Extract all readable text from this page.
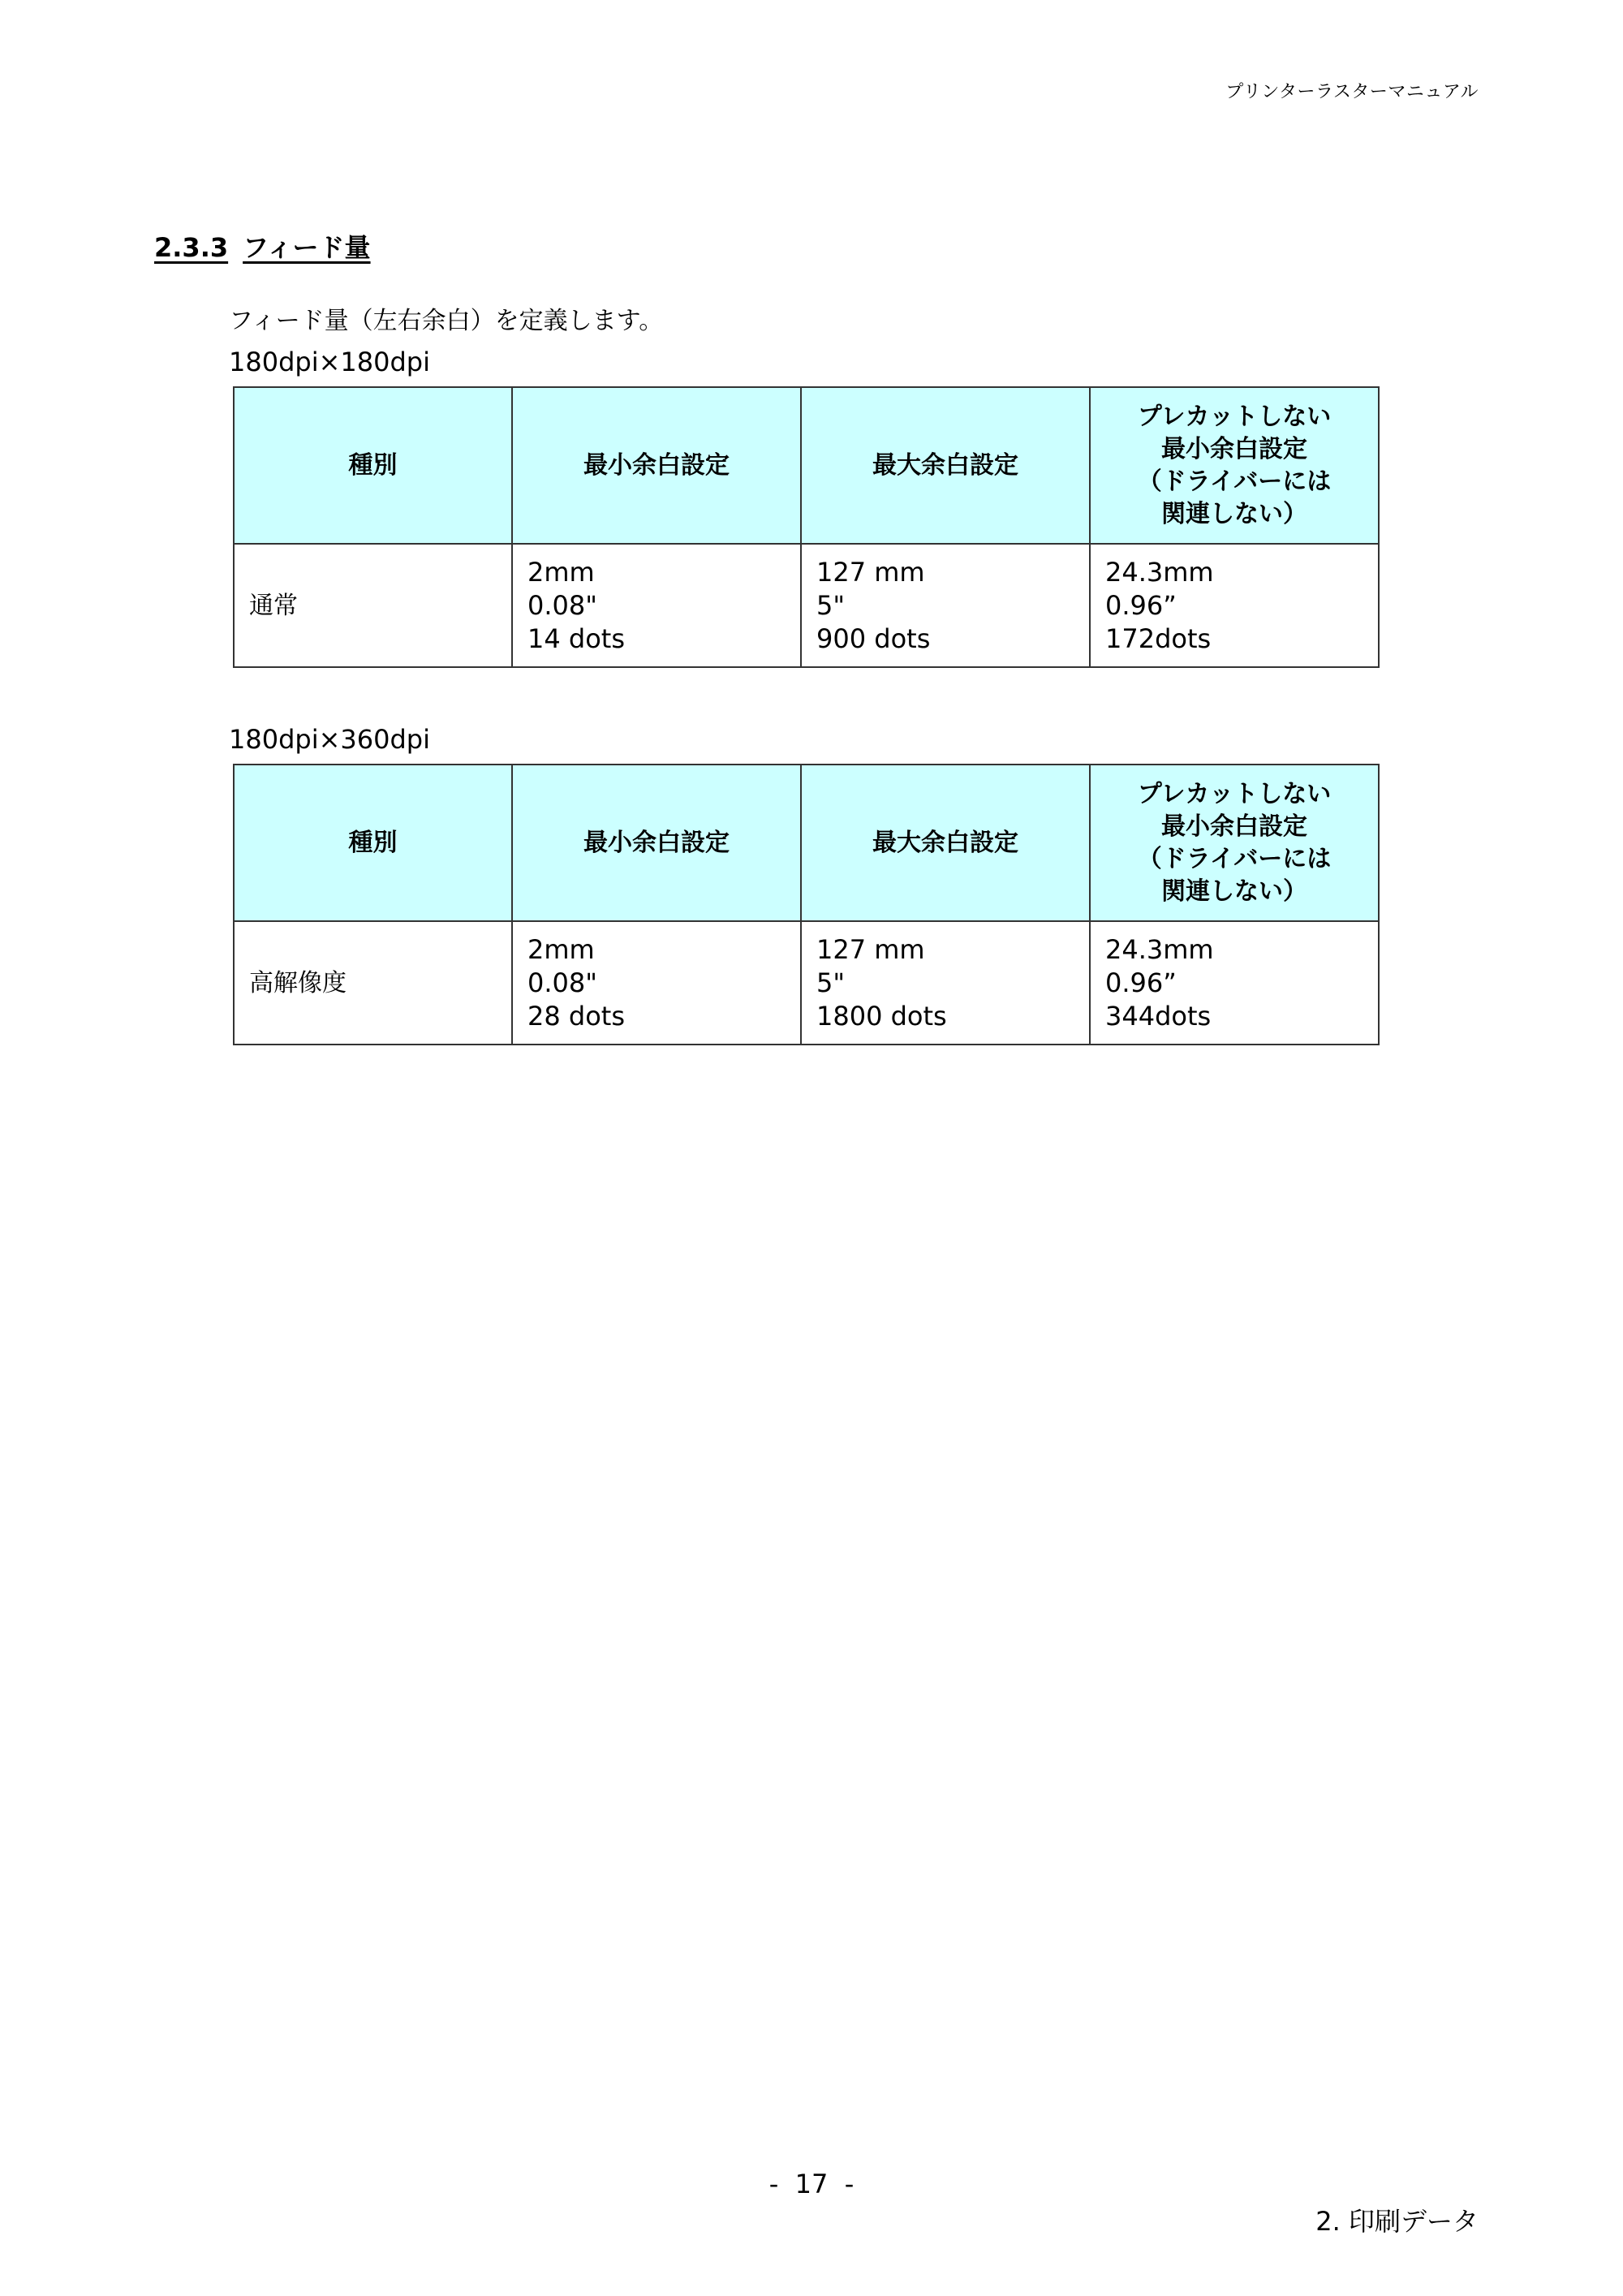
プリンターラスターマニュアル
2.3.3 フィード量
フィード量（左右余白）を定義します。
180dpi×180dpi
種別	最小余白設定	最大余白設定	プレカットしない
最小余白設定
（ドライバーには
関連しない）

通常	2mm
0.08"
14 dots	127 mm
5"
900 dots	24.3mm
0.96”
172dots
180dpi×360dpi
種別	最小余白設定	最大余白設定	プレカットしない
最小余白設定
（ドライバーには
関連しない）

高解像度	2mm
0.08"
28 dots	127 mm
5"
1800 dots	24.3mm
0.96”
344dots
-  17  -
2. 印刷データ
